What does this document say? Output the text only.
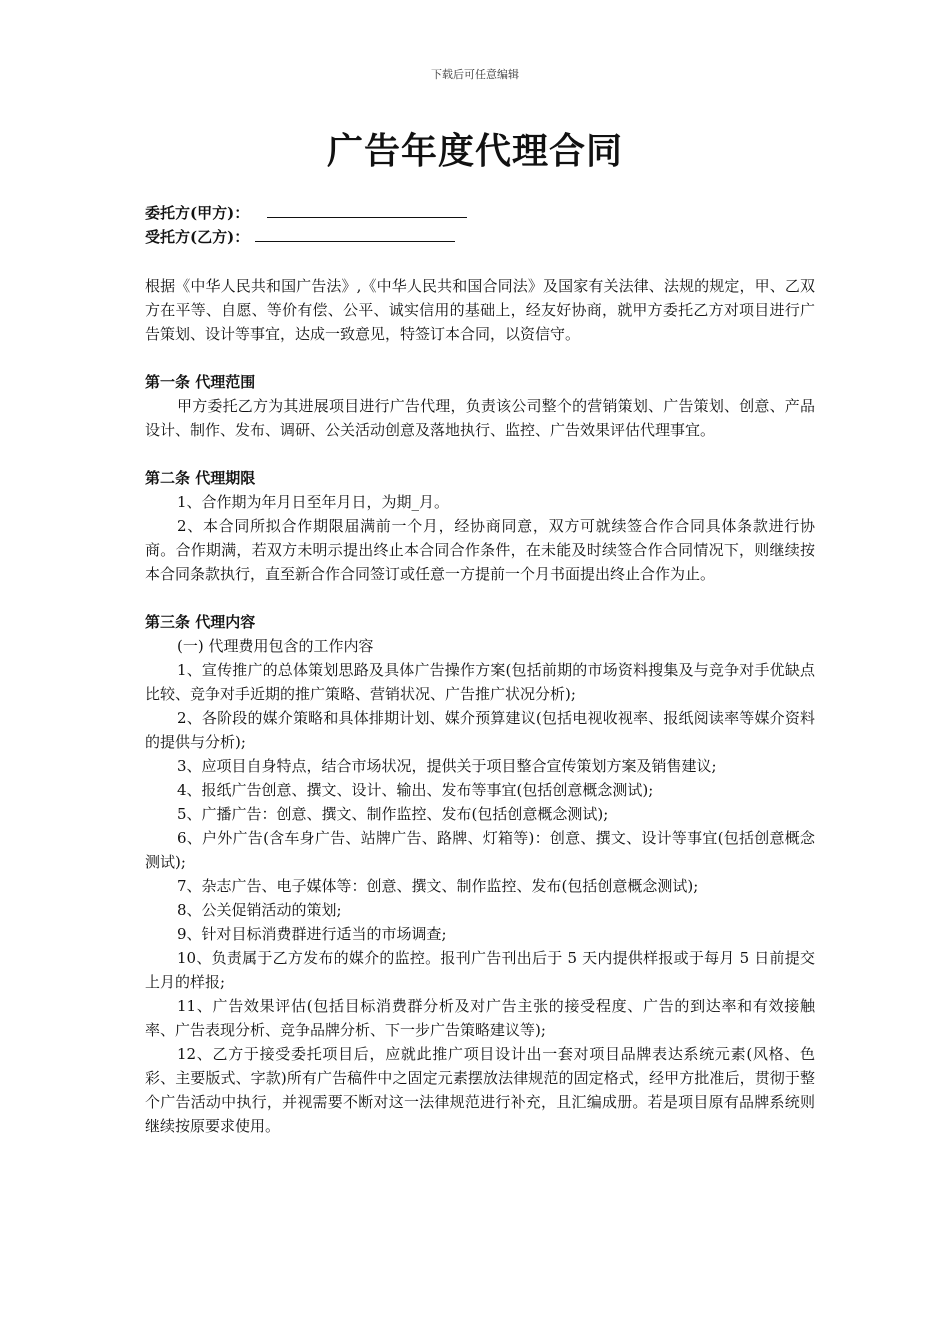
下载后可任意编辑
广告年度代理合同
委托方(甲方)：
受托方(乙方)：

根据《中华人民共和国广告法》,《中华人民共和国合同法》及国家有关法律、法规的规定，甲、乙双方在平等、自愿、等价有偿、公平、诚实信用的基础上，经友好协商，就甲方委托乙方对项目进行广告策划、设计等事宜，达成一致意见，特签订本合同，以资信守。

第一条 代理范围

甲方委托乙方为其进展项目进行广告代理，负责该公司整个的营销策划、广告策划、创意、产品设计、制作、发布、调研、公关活动创意及落地执行、监控、广告效果评估代理事宜。

第二条 代理期限

1、合作期为年月日至年月日，为期_月。

2、本合同所拟合作期限届满前一个月，经协商同意，双方可就续签合作合同具体条款进行协商。合作期满，若双方未明示提出终止本合同合作条件，在未能及时续签合作合同情况下，则继续按本合同条款执行，直至新合作合同签订或任意一方提前一个月书面提出终止合作为止。

第三条 代理内容

(一) 代理费用包含的工作内容

1、宣传推广的总体策划思路及具体广告操作方案(包括前期的市场资料搜集及与竞争对手优缺点比较、竞争对手近期的推广策略、营销状况、广告推广状况分析);

2、各阶段的媒介策略和具体排期计划、媒介预算建议(包括电视收视率、报纸阅读率等媒介资料的提供与分析);

3、应项目自身特点，结合市场状况，提供关于项目整合宣传策划方案及销售建议;

4、报纸广告创意、撰文、设计、输出、发布等事宜(包括创意概念测试);

5、广播广告：创意、撰文、制作监控、发布(包括创意概念测试);

6、户外广告(含车身广告、站牌广告、路牌、灯箱等)：创意、撰文、设计等事宜(包括创意概念测试);

7、杂志广告、电子媒体等：创意、撰文、制作监控、发布(包括创意概念测试);

8、公关促销活动的策划;

9、针对目标消费群进行适当的市场调查;

10、负责属于乙方发布的媒介的监控。报刊广告刊出后于 5 天内提供样报或于每月 5 日前提交上月的样报;

11、广告效果评估(包括目标消费群分析及对广告主张的接受程度、广告的到达率和有效接触率、广告表现分析、竞争品牌分析、下一步广告策略建议等);

12、乙方于接受委托项目后，应就此推广项目设计出一套对项目品牌表达系统元素(风格、色彩、主要版式、字款)所有广告稿件中之固定元素摆放法律规范的固定格式，经甲方批准后，贯彻于整个广告活动中执行，并视需要不断对这一法律规范进行补充，且汇编成册。若是项目原有品牌系统则继续按原要求使用。
